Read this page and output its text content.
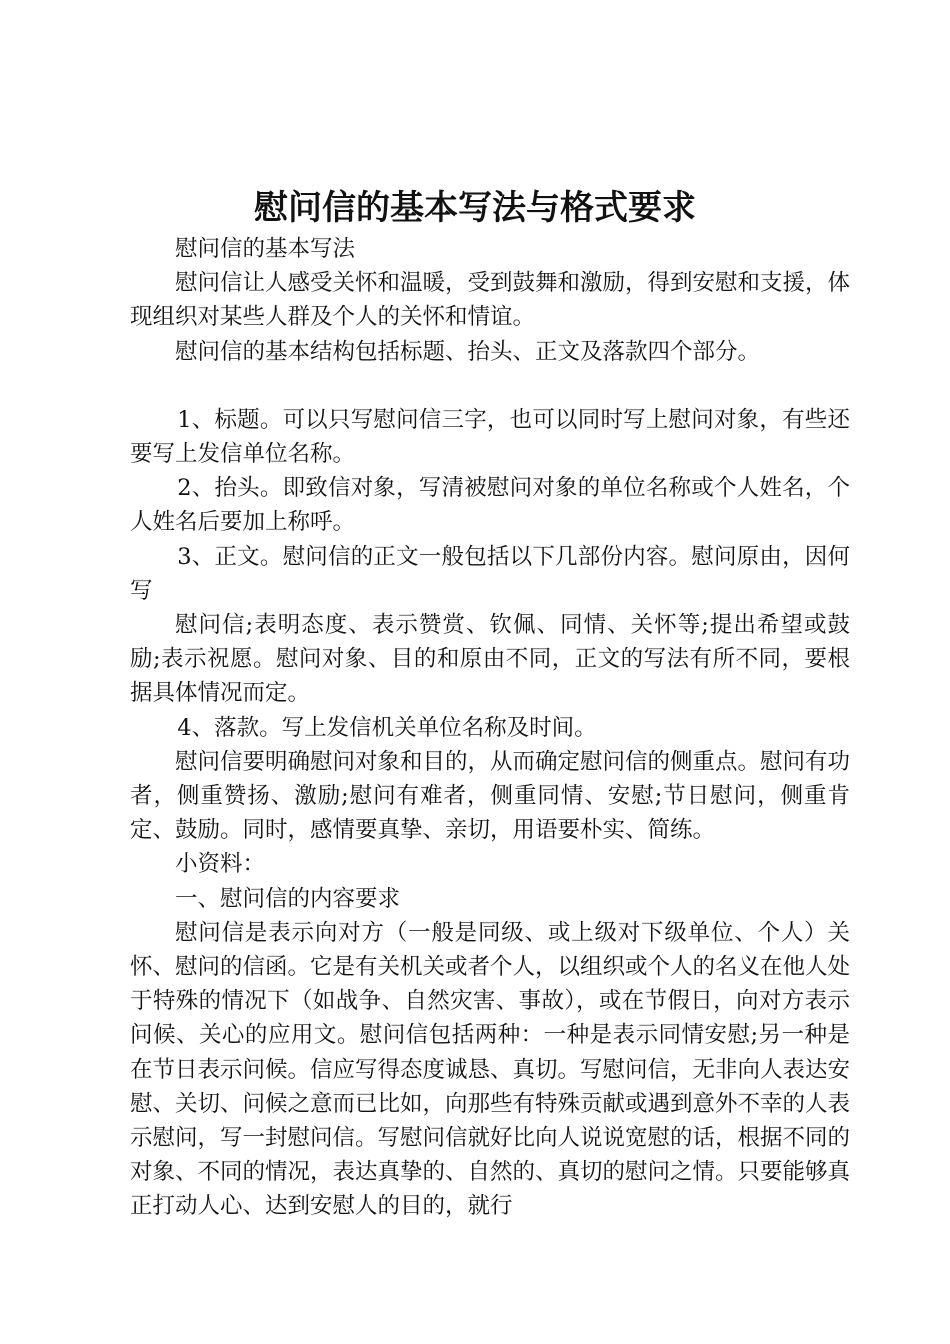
慰问信的基本写法与格式要求

慰问信的基本写法

慰问信让人感受关怀和温暖，受到鼓舞和激励，得到安慰和支援，体现组织对某些人群及个人的关怀和情谊。

慰问信的基本结构包括标题、抬头、正文及落款四个部分。

1、标题。可以只写慰问信三字，也可以同时写上慰问对象，有些还要写上发信单位名称。

2、抬头。即致信对象，写清被慰问对象的单位名称或个人姓名，个人姓名后要加上称呼。

3、正文。慰问信的正文一般包括以下几部份内容。慰问原由，因何写

慰问信;表明态度、表示赞赏、钦佩、同情、关怀等;提出希望或鼓励;表示祝愿。慰问对象、目的和原由不同，正文的写法有所不同，要根据具体情况而定。

4、落款。写上发信机关单位名称及时间。

慰问信要明确慰问对象和目的，从而确定慰问信的侧重点。慰问有功者，侧重赞扬、激励;慰问有难者，侧重同情、安慰;节日慰问，侧重肯定、鼓励。同时，感情要真挚、亲切，用语要朴实、简练。

小资料：

一、慰问信的内容要求

慰问信是表示向对方（一般是同级、或上级对下级单位、个人）关怀、慰问的信函。它是有关机关或者个人，以组织或个人的名义在他人处于特殊的情况下（如战争、自然灾害、事故），或在节假日，向对方表示问候、关心的应用文。慰问信包括两种：一种是表示同情安慰;另一种是在节日表示问候。信应写得态度诚恳、真切。写慰问信，无非向人表达安慰、关切、问候之意而已比如，向那些有特殊贡献或遇到意外不幸的人表示慰问，写一封慰问信。写慰问信就好比向人说说宽慰的话，根据不同的对象、不同的情况，表达真挚的、自然的、真切的慰问之情。只要能够真正打动人心、达到安慰人的目的，就行
